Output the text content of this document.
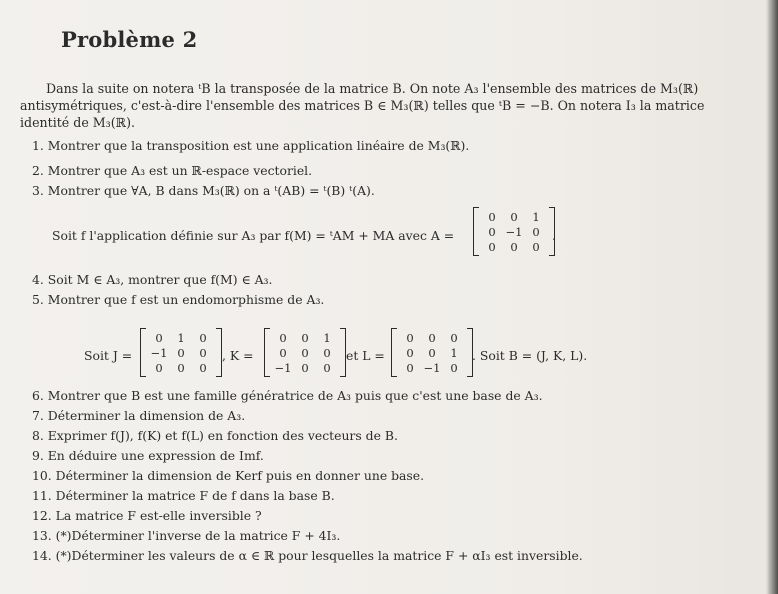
Problème 2
Dans la suite on notera ᵗB la transposée de la matrice B. On note A₃ l'ensemble des matrices de M₃(ℝ)
antisymétriques, c'est-à-dire l'ensemble des matrices B ∈ M₃(ℝ) telles que ᵗB = −B. On notera I₃ la matrice
identité de M₃(ℝ).
1. Montrer que la transposition est une application linéaire de M₃(ℝ).
2. Montrer que A₃ est un ℝ-espace vectoriel.
3. Montrer que ∀A, B dans M₃(ℝ) on a ᵗ(AB) = ᵗ(B) ᵗ(A).
Soit f l'application définie sur A₃ par f(M) = ᵗAM + MA avec A =
0 0 1
0 −1 0
0 0 0
.
4. Soit M ∈ A₃, montrer que f(M) ∈ A₃.
5. Montrer que f est un endomorphisme de A₃.
Soit J =
0 1 0
−1 0 0
0 0 0
, K =
0 0 1
0 0 0
−1 0 0
et L =
0 0 0
0 0 1
0 −1 0
. Soit B = (J, K, L).
6. Montrer que B est une famille génératrice de A₃ puis que c'est une base de A₃.
7. Déterminer la dimension de A₃.
8. Exprimer f(J), f(K) et f(L) en fonction des vecteurs de B.
9. En déduire une expression de Imf.
10. Déterminer la dimension de Kerf puis en donner une base.
11. Déterminer la matrice F de f dans la base B.
12. La matrice F est-elle inversible ?
13. (*)Déterminer l'inverse de la matrice F + 4I₃.
14. (*)Déterminer les valeurs de α ∈ ℝ pour lesquelles la matrice F + αI₃ est inversible.
